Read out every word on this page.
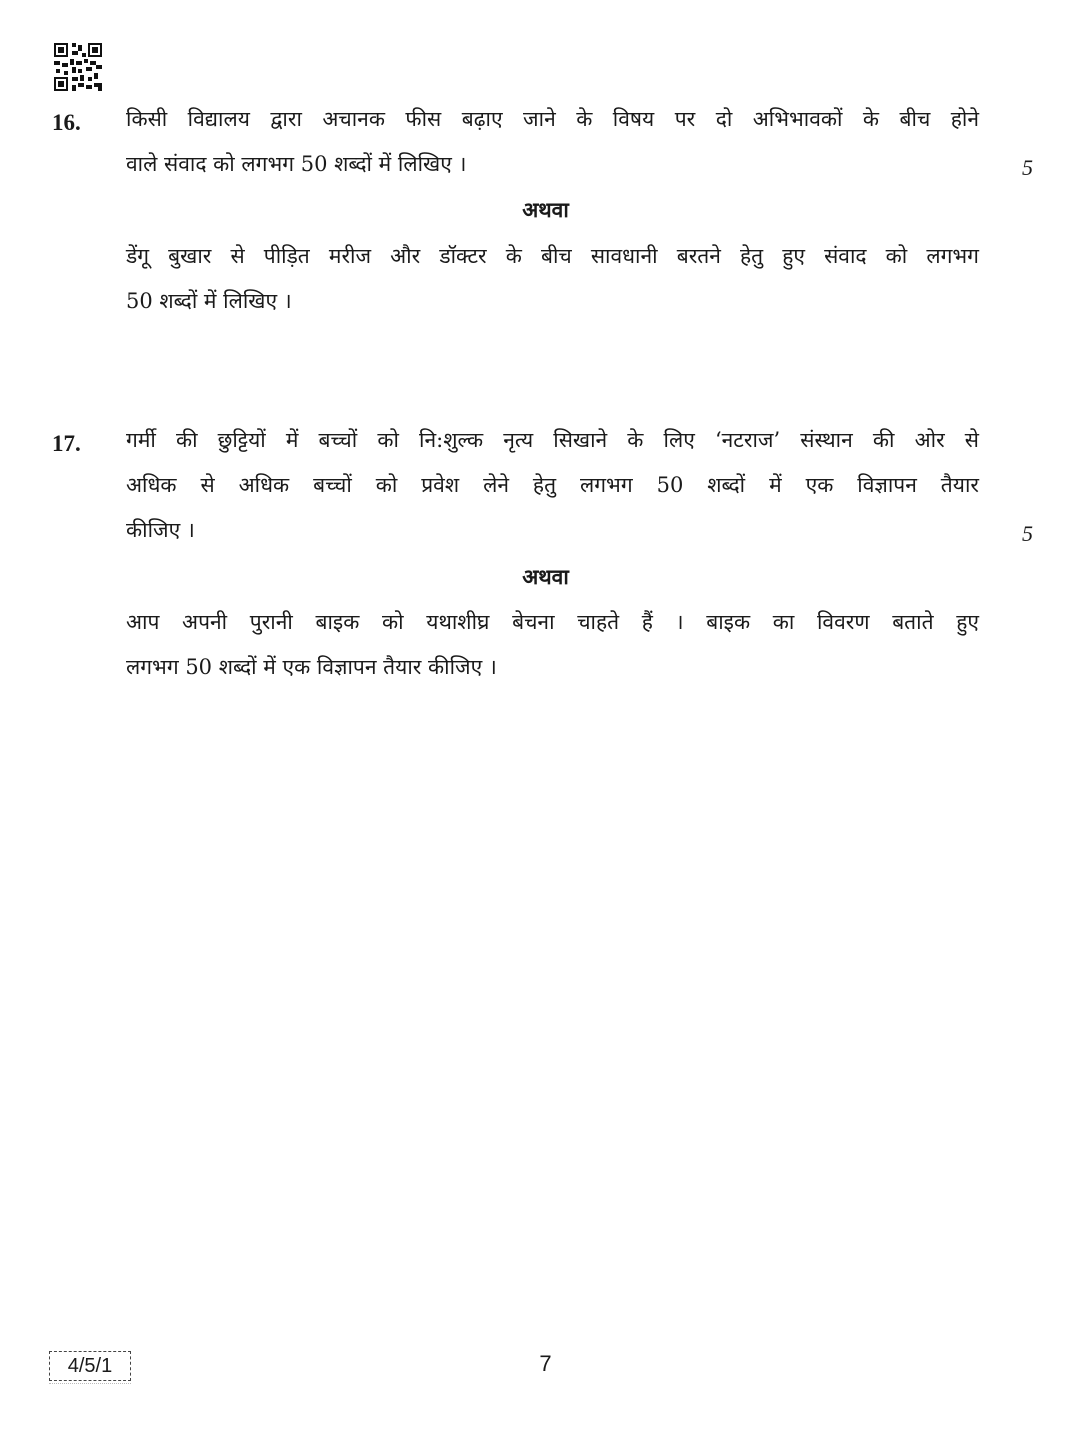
16. किसी विद्यालय द्वारा अचानक फीस बढ़ाए जाने के विषय पर दो अभिभावकों के बीच होने
वाले संवाद को लगभग 50 शब्दों में लिखिए ।	5
अथवा
डेंगू बुखार से पीड़ित मरीज और डॉक्टर के बीच सावधानी बरतने हेतु हुए संवाद को लगभग
50 शब्दों में लिखिए ।
17. गर्मी की छुट्टियों में बच्चों को नि:शुल्क नृत्य सिखाने के लिए ‘नटराज’ संस्थान की ओर से
अधिक से अधिक बच्चों को प्रवेश लेने हेतु लगभग 50 शब्दों में एक विज्ञापन तैयार
कीजिए ।	5
अथवा
आप अपनी पुरानी बाइक को यथाशीघ्र बेचना चाहते हैं । बाइक का विवरण बताते हुए
लगभग 50 शब्दों में एक विज्ञापन तैयार कीजिए ।
4/5/1	7
